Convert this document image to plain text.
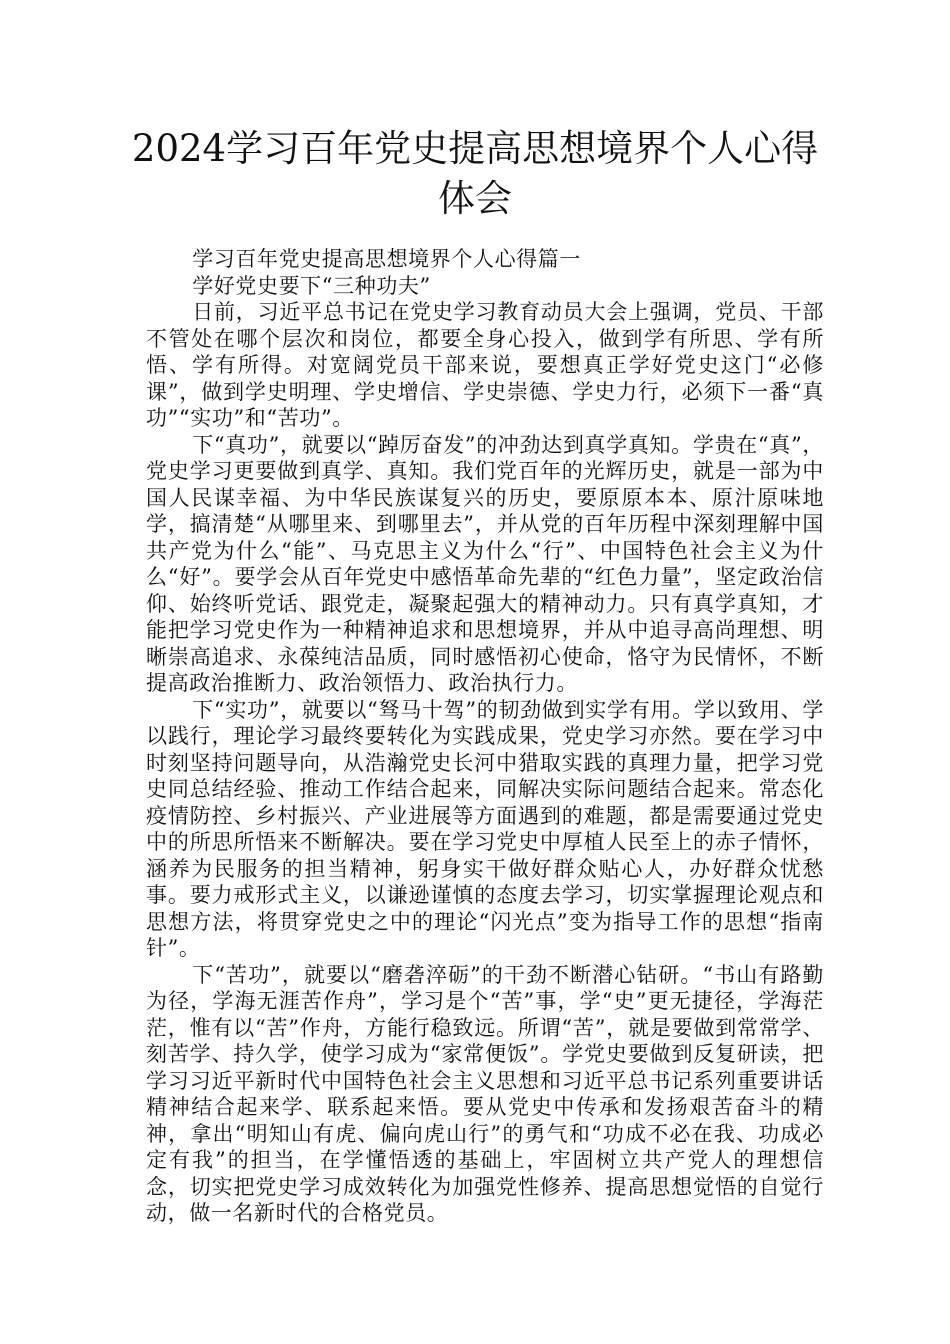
2024学习百年党史提高思想境界个人心得体会

学习百年党史提高思想境界个人心得篇一

学好党史要下“三种功夫”

日前，习近平总书记在党史学习教育动员大会上强调，党员、干部不管处在哪个层次和岗位，都要全身心投入，做到学有所思、学有所悟、学有所得。对宽阔党员干部来说，要想真正学好党史这门“必修课”，做到学史明理、学史增信、学史崇德、学史力行，必须下一番“真功”“实功”和“苦功”。

下“真功”，就要以“踔厉奋发”的冲劲达到真学真知。学贵在“真”，党史学习更要做到真学、真知。我们党百年的光辉历史，就是一部为中国人民谋幸福、为中华民族谋复兴的历史，要原原本本、原汁原味地学，搞清楚“从哪里来、到哪里去”，并从党的百年历程中深刻理解中国共产党为什么“能”、马克思主义为什么“行”、中国特色社会主义为什么“好”。要学会从百年党史中感悟革命先辈的“红色力量”，坚定政治信仰、始终听党话、跟党走，凝聚起强大的精神动力。只有真学真知，才能把学习党史作为一种精神追求和思想境界，并从中追寻高尚理想、明晰崇高追求、永葆纯洁品质，同时感悟初心使命，恪守为民情怀，不断提高政治推断力、政治领悟力、政治执行力。

下“实功”，就要以“驽马十驾”的韧劲做到实学有用。学以致用、学以践行，理论学习最终要转化为实践成果，党史学习亦然。要在学习中时刻坚持问题导向，从浩瀚党史长河中猎取实践的真理力量，把学习党史同总结经验、推动工作结合起来，同解决实际问题结合起来。常态化疫情防控、乡村振兴、产业进展等方面遇到的难题，都是需要通过党史中的所思所悟来不断解决。要在学习党史中厚植人民至上的赤子情怀，涵养为民服务的担当精神，躬身实干做好群众贴心人，办好群众忧愁事。要力戒形式主义，以谦逊谨慎的态度去学习，切实掌握理论观点和思想方法，将贯穿党史之中的理论“闪光点”变为指导工作的思想“指南针”。

下“苦功”，就要以“磨砻淬砺”的干劲不断潜心钻研。“书山有路勤为径，学海无涯苦作舟”，学习是个“苦”事，学“史”更无捷径，学海茫茫，惟有以“苦”作舟，方能行稳致远。所谓“苦”，就是要做到常常学、刻苦学、持久学，使学习成为“家常便饭”。学党史要做到反复研读，把学习习近平新时代中国特色社会主义思想和习近平总书记系列重要讲话精神结合起来学、联系起来悟。要从党史中传承和发扬艰苦奋斗的精神，拿出“明知山有虎、偏向虎山行”的勇气和“功成不必在我、功成必定有我”的担当，在学懂悟透的基础上，牢固树立共产党人的理想信念，切实把党史学习成效转化为加强党性修养、提高思想觉悟的自觉行动，做一名新时代的合格党员。
